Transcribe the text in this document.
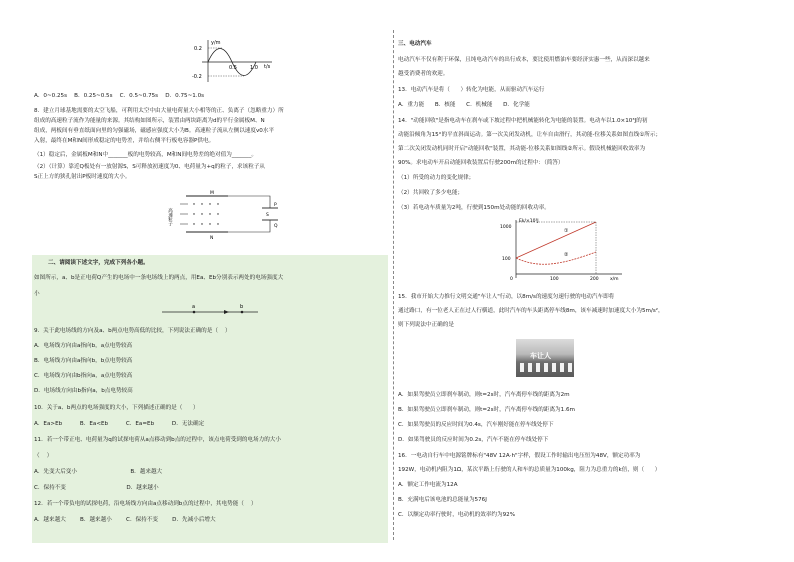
y/m
0.2
-0.2
0.5	1.0 t/s
A．0~0.25s    B．0.25~0.5s    C．0.5~0.75s    D．0.75~1.0s
8．建立月球基地需要的太空飞船，可利用太空中由大量电荷量大小相等的正、负离子（忽略重力）所
组成的高速粒子流作为能量的来源。其结构如图所示，装置由两块距离为d的平行金属板M、N
组成，两板间有垂直纸面向里的匀强磁场，磁感应强度大小为B。高速粒子流从左侧以速度v0水平
入射，最终在M和N间形成稳定的电势差，并给右侧平行板电容器P供电。
（1）稳定后，金属板M和N中_______板的电势较高，M和N间电势差的绝对值为_______。
（2）（计算）靠近Q板处有一放射源S，S可释放初速度为0、电荷量为+q的粒子，求该粒子从
S正上方的狭孔射出P板时速度的大小。
高速粒子
M
N
P
Q
S
二、请阅读下述文字，完成下列各小题。
如图所示，a、b是正电荷Q产生的电场中一条电场线上的两点，用Ea、Eb分别表示两处的电场强度大
小
a	b
9．关于此电场线的方向及a、b两点电势高低的比较，下列说法正确的是（    ）
A．电场线方向由a指向b，a点电势较高
B．电场线方向由a指向b，b点电势较高
C．电场线方向由b指向a，a点电势较高
D．电场线方向由b指向a，b点电势较高
10．关于a、b两点的电场强度的大小，下列描述正确的是（      ）
A．Ea>Eb          B．Ea<Eb          C．Ea=Eb          D．无法确定
11．若一个带正电、电荷量为q的试探电荷从a点移动到b点的过程中，该点电荷受到的电场力的大小
（    ）
A．先变大后变小                              B．越来越大
C．保持不变                                  D．越来越小
12．若一个带负电的试探电荷，沿电场线方向由a点移动到b点的过程中，其电势能（    ）
A．越来越大        B．越来越小        C．保持不变        D．先减小后增大
三、电动汽车
电动汽车不仅有利于环保，且纯电动汽车的出行成本，要比使用燃油车要经济实惠一些，从而深以越来
越受消费者的欢迎。
13．电动汽车是将（      ）转化为电能，从而驱动汽车运行
A．重力能      B．核能      C．机械能      D．化学能
14．"动能回收"是指电动车在刹车或下坡过程中把机械能转化为电能的装置。电动车以1.0×10³J的初
动能沿倾角为15°的平直斜面运动。第一次关闭发动机，让车自由滑行，其动能-位移关系如图直线①所示；
第二次关闭发动机同时开启"动能回收"装置，其动能-位移关系如图线②所示。假设机械能回收效率为
90%。求电动车开启动能回收装置后行驶200m的过程中：（简答）
（1）所受的动力的变化规律；
（2）共回收了多少电能；
（3）若电动车质量为2吨，行驶到150m处动能的回收功率。
Ek/×10³J
1000
100
0	100	200	x/m
①
②
15．我市开始大力推行文明交通"车让人"行动，以8m/s的速度匀速行驶的电动汽车即将
通过路口，有一位老人正在过人行横道，此时汽车的车头距离停车线8m，该车减速时加速度大小为5m/s²，
则下列说法中正确的是
A．如果驾驶员立即刹车制动，则t=2s时，汽车离停车线的距离为2m
B．如果驾驶员立即刹车制动，则t=2s时，汽车离停车线的距离为1.6m
C．如果驾驶员的反应时间为0.4s，汽车刚好能在停车线处停下
D．如果驾驶员的反应时间为0.2s，汽车不能在停车线处停下
16．一电动自行车中电源铭牌标有"48V 12A·h"字样，假设工作时输出电压恒为48V，额定功率为
192W，电动机内阻为1Ω，某次平路上行驶的人和车的总质量为100kg，阻力为总重力的k倍，则（      ）
A．额定工作电流为12A
B．充满电后该电池的总能量为576J
C．以额定功率行驶时，电动机的效率约为92%
车让人
